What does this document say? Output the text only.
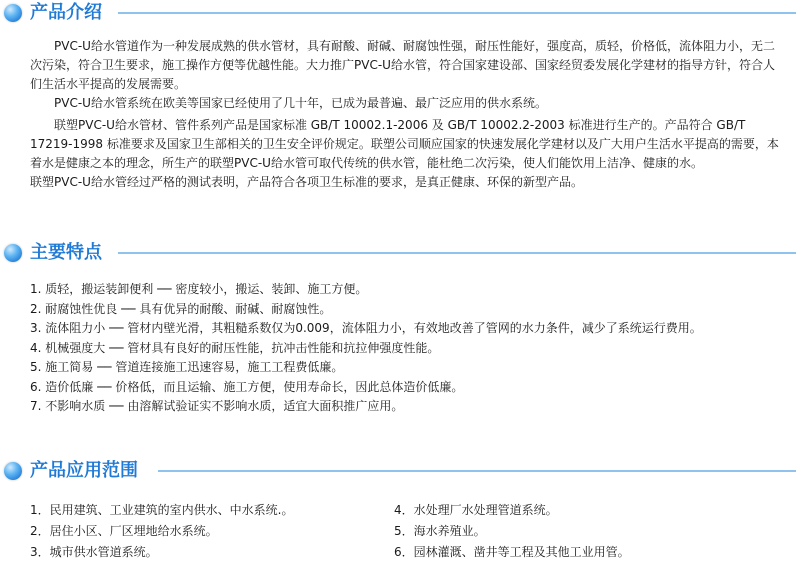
产品介绍

PVC-U给水管道作为一种发展成熟的供水管材，具有耐酸、耐碱、耐腐蚀性强，耐压性能好，强度高，质轻，价格低，流体阻力小，无二次污染，符合卫生要求，施工操作方便等优越性能。大力推广PVC-U给水管，符合国家建设部、国家经贸委发展化学建材的指导方针，符合人们生活水平提高的发展需要。

PVC-U给水管系统在欧美等国家已经使用了几十年，已成为最普遍、最广泛应用的供水系统。

联塑PVC-U给水管材、管件系列产品是国家标准 GB/T 10002.1-2006 及 GB/T 10002.2-2003 标准进行生产的。产品符合 GB/T 17219-1998 标准要求及国家卫生部相关的卫生安全评价规定。联塑公司顺应国家的快速发展化学建材以及广大用户生活水平提高的需要，本着水是健康之本的理念，所生产的联塑PVC-U给水管可取代传统的供水管，能杜绝二次污染，使人们能饮用上洁净、健康的水。

联塑PVC-U给水管经过严格的测试表明，产品符合各项卫生标准的要求，是真正健康、环保的新型产品。

主要特点
1. 质轻，搬运装卸便利 ── 密度较小，搬运、装卸、施工方便。
2. 耐腐蚀性优良 ── 具有优异的耐酸、耐碱、耐腐蚀性。
3. 流体阻力小 ── 管材内壁光滑，其粗糙系数仅为0.009，流体阻力小，有效地改善了管网的水力条件，减少了系统运行费用。
4. 机械强度大 ── 管材具有良好的耐压性能，抗冲击性能和抗拉伸强度性能。
5. 施工简易 ── 管道连接施工迅速容易，施工工程费低廉。
6. 造价低廉 ── 价格低，而且运输、施工方便，使用寿命长，因此总体造价低廉。
7. 不影响水质 ── 由溶解试验证实不影响水质，适宜大面积推广应用。
产品应用范围
1．民用建筑、工业建筑的室内供水、中水系统.。
2．居住小区、厂区埋地给水系统。
3．城市供水管道系统。
4．水处理厂水处理管道系统。
5．海水养殖业。
6．园林灌溉、凿井等工程及其他工业用管。
